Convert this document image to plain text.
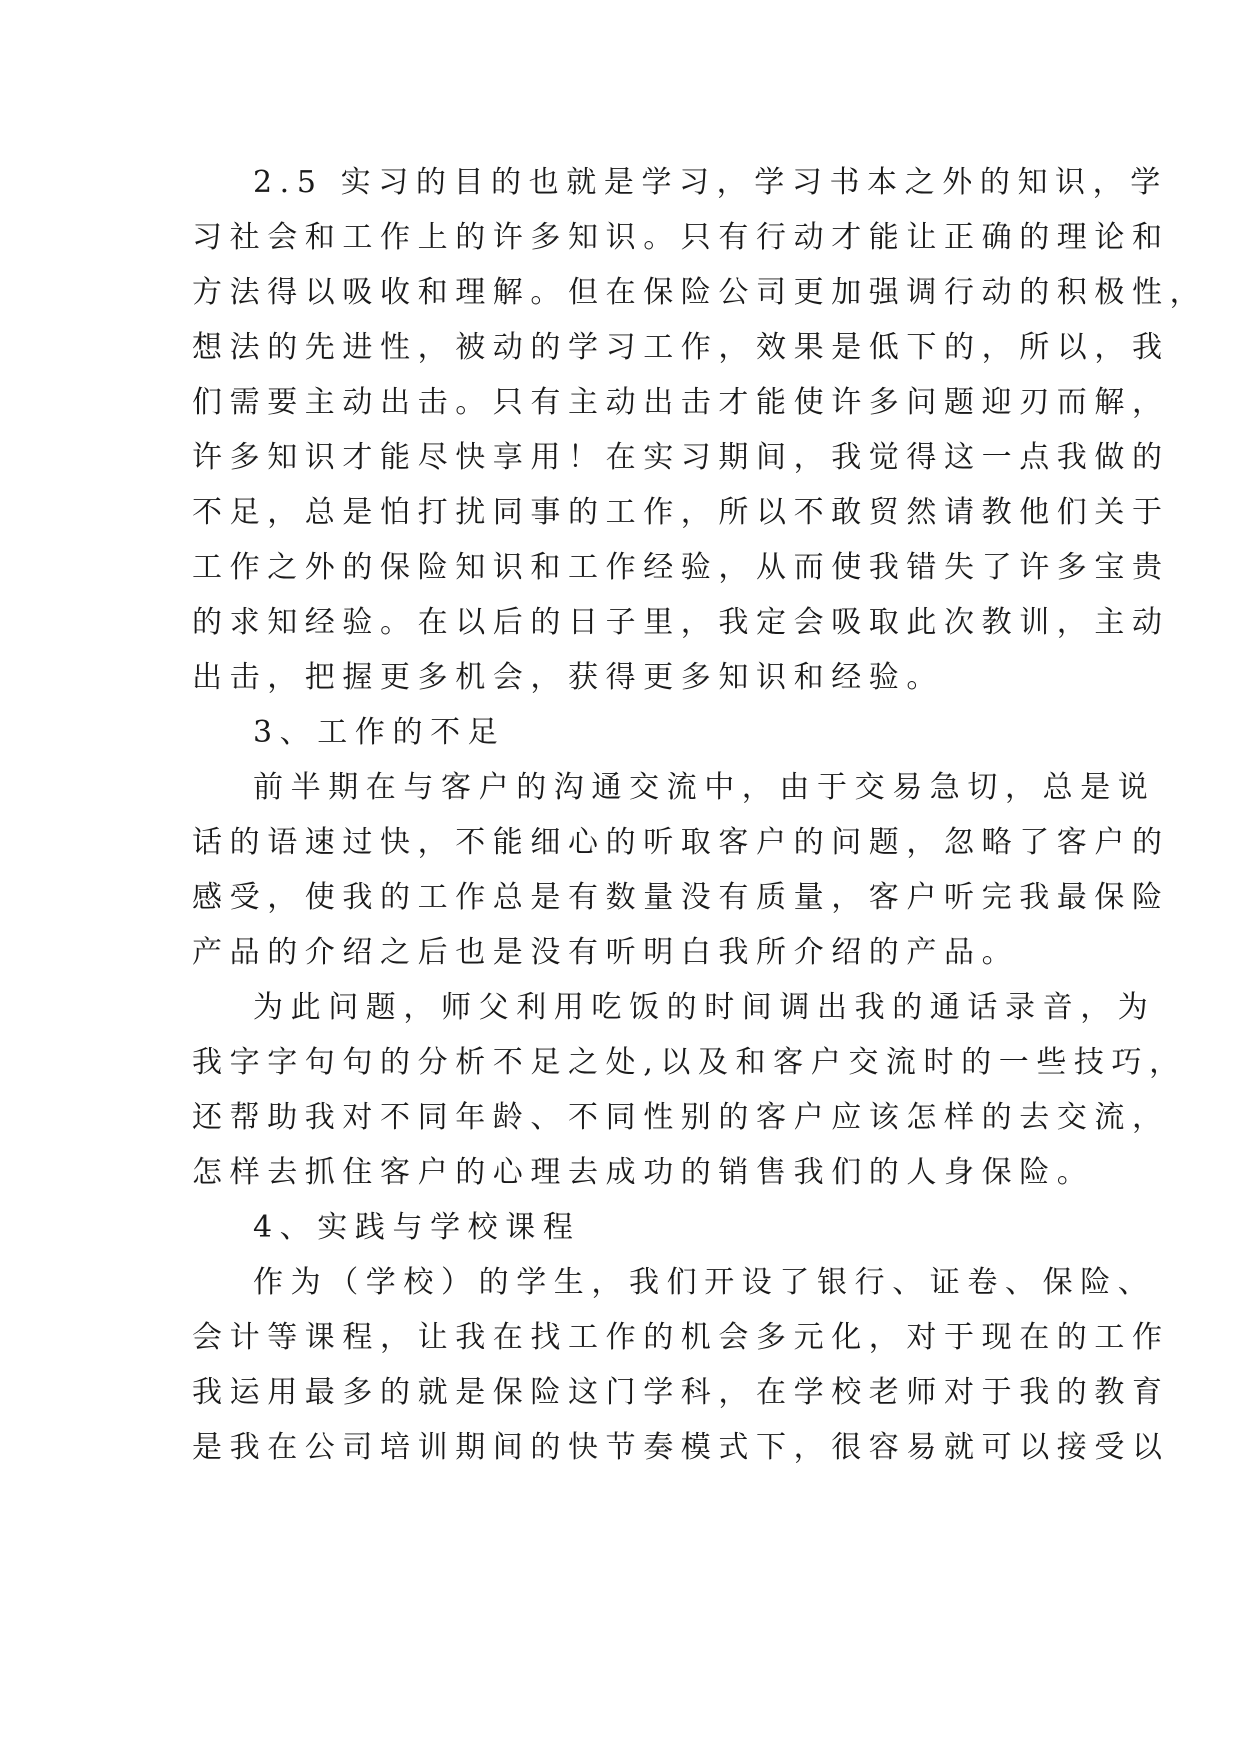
2.5 实习的目的也就是学习，学习书本之外的知识，学

习社会和工作上的许多知识。只有行动才能让正确的理论和

方法得以吸收和理解。但在保险公司更加强调行动的积极性，

想法的先进性，被动的学习工作，效果是低下的，所以，我

们需要主动出击。只有主动出击才能使许多问题迎刃而解，

许多知识才能尽快享用！在实习期间，我觉得这一点我做的

不足，总是怕打扰同事的工作，所以不敢贸然请教他们关于

工作之外的保险知识和工作经验，从而使我错失了许多宝贵

的求知经验。在以后的日子里，我定会吸取此次教训，主动

出击，把握更多机会，获得更多知识和经验。

3、工作的不足

前半期在与客户的沟通交流中，由于交易急切，总是说

话的语速过快，不能细心的听取客户的问题，忽略了客户的

感受，使我的工作总是有数量没有质量，客户听完我最保险

产品的介绍之后也是没有听明白我所介绍的产品。

为此问题，师父利用吃饭的时间调出我的通话录音，为

我字字句句的分析不足之处,以及和客户交流时的一些技巧，

还帮助我对不同年龄、不同性别的客户应该怎样的去交流，

怎样去抓住客户的心理去成功的销售我们的人身保险。

4、实践与学校课程

作为（学校）的学生，我们开设了银行、证卷、保险、

会计等课程，让我在找工作的机会多元化，对于现在的工作

我运用最多的就是保险这门学科，在学校老师对于我的教育

是我在公司培训期间的快节奏模式下，很容易就可以接受以
